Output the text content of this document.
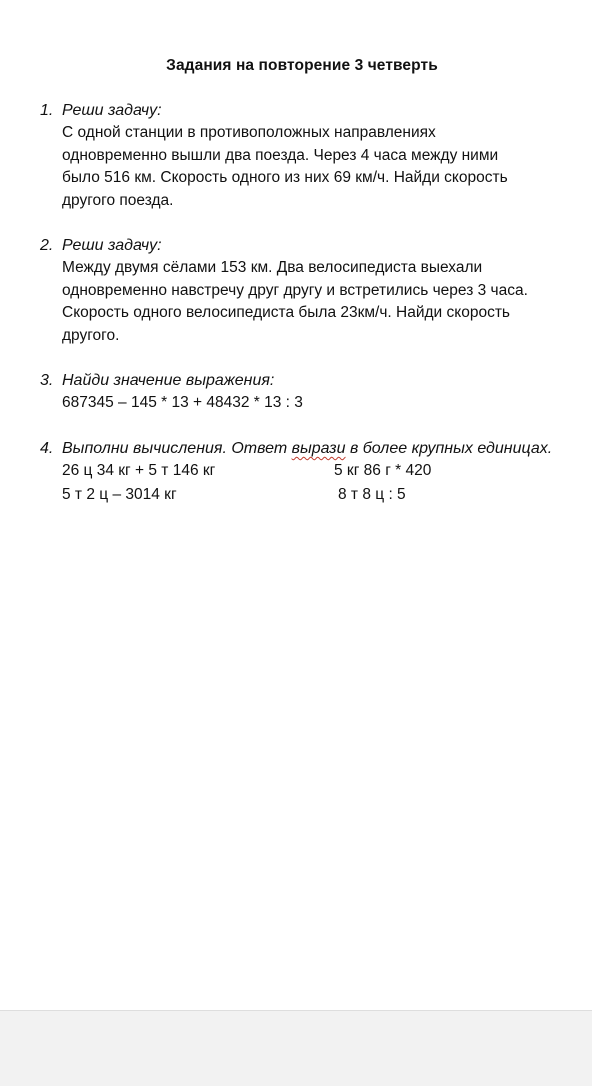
Задания на повторение 3 четверть
1. Реши задачу:
С одной станции в противоположных направлениях
одновременно вышли два поезда. Через 4 часа между ними
было 516 км. Скорость одного из них 69 км/ч. Найди скорость
другого поезда.
2. Реши задачу:
Между двумя сёлами 153 км. Два велосипедиста выехали
одновременно навстречу друг другу и встретились через 3 часа.
Скорость одного велосипедиста была 23км/ч. Найди скорость
другого.
3. Найди значение выражения:
687345 – 145 * 13 + 48432 * 13 : 3
4. Выполни вычисления. Ответ вырази в более крупных единицах.
26 ц 34 кг + 5 т 146 кг	5 кг 86 г * 420
5 т 2 ц – 3014 кг	8 т 8 ц : 5
